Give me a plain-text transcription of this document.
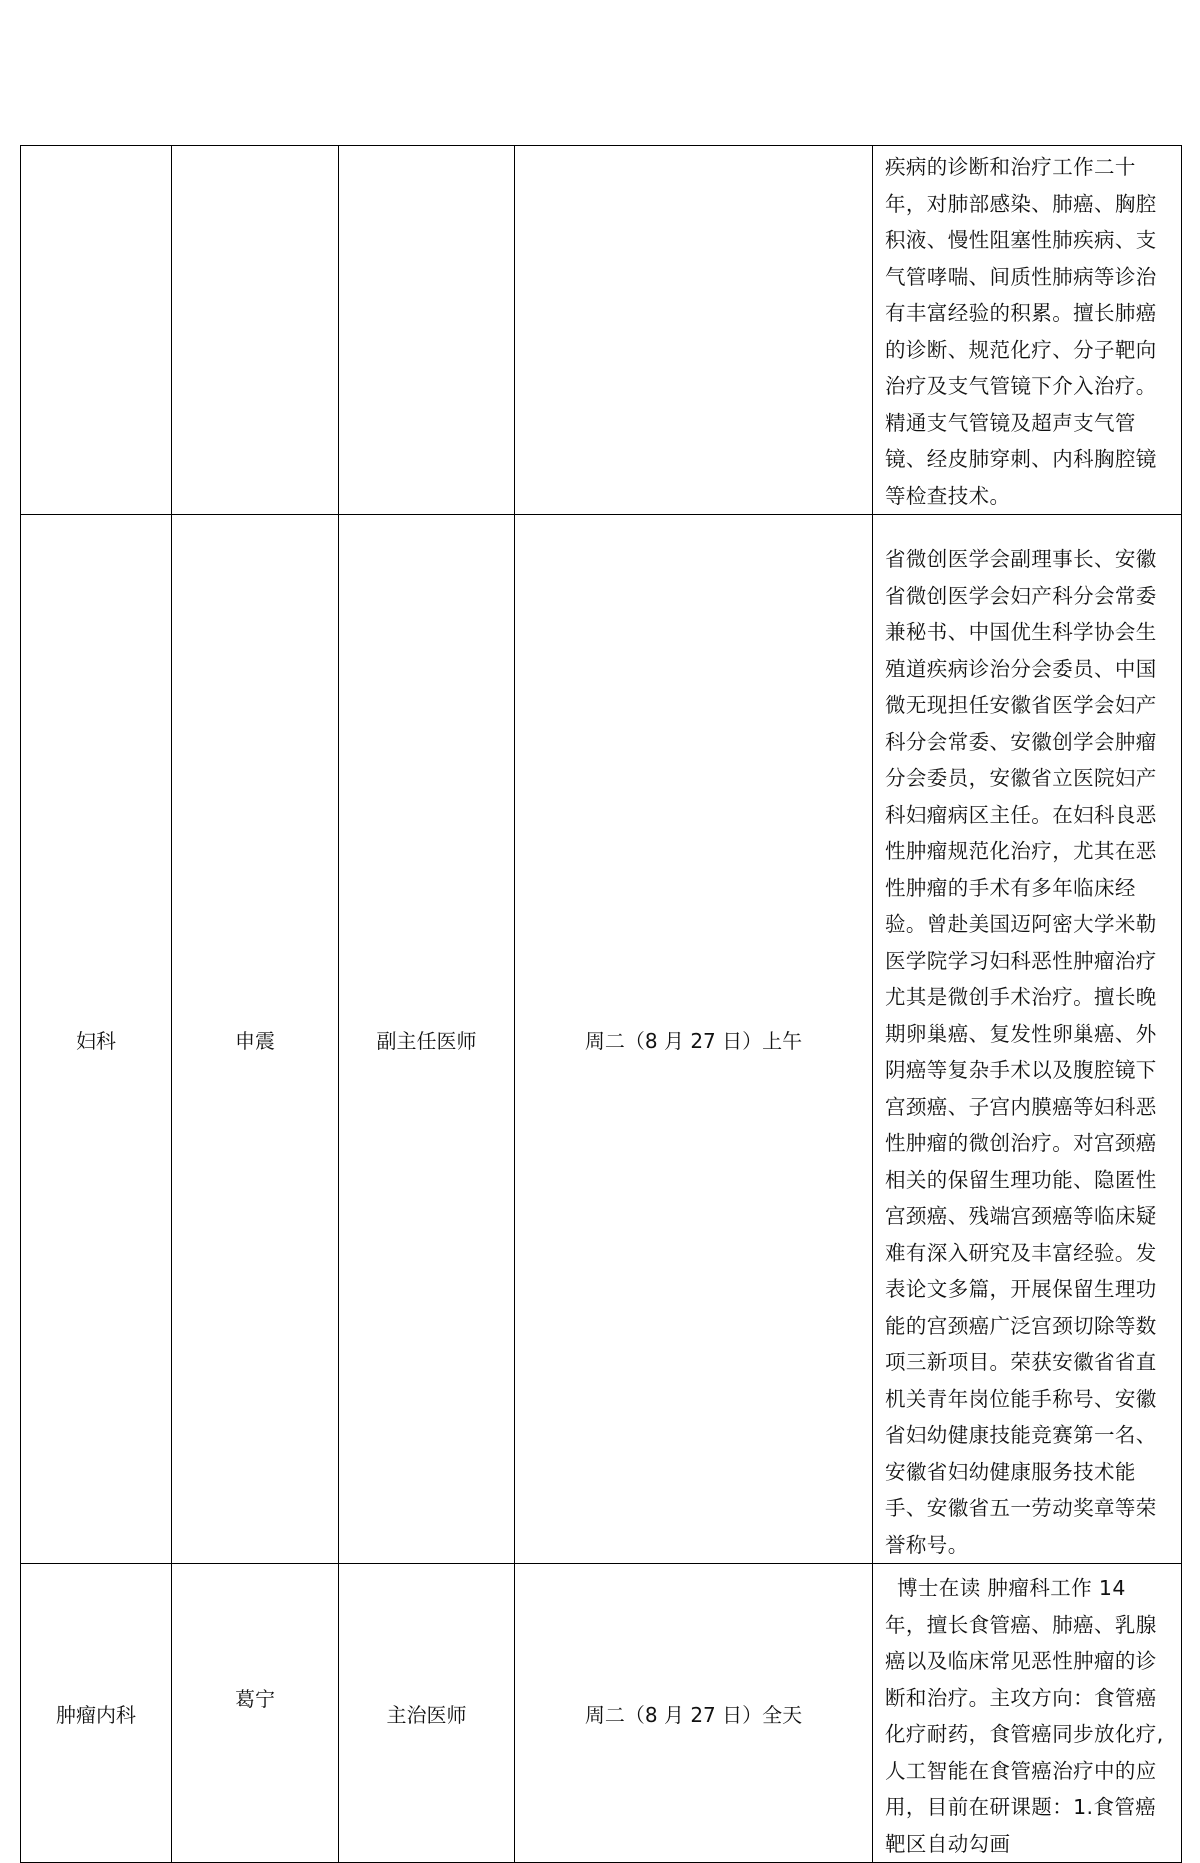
				疾病的诊断和治疗工作二十年，对肺部感染、肺癌、胸腔积液、慢性阻塞性肺疾病、支气管哮喘、间质性肺病等诊治有丰富经验的积累。擅长肺癌的诊断、规范化疗、分子靶向治疗及支气管镜下介入治疗。精通支气管镜及超声支气管镜、经皮肺穿刺、内科胸腔镜等检查技术。

妇科	申震	副主任医师	周二（8 月 27 日）上午	省微创医学会副理事长、安徽省微创医学会妇产科分会常委兼秘书、中国优生科学协会生殖道疾病诊治分会委员、中国微无现担任安徽省医学会妇产科分会常委、安徽创学会肿瘤分会委员，安徽省立医院妇产科妇瘤病区主任。在妇科良恶性肿瘤规范化治疗，尤其在恶性肿瘤的手术有多年临床经验。曾赴美国迈阿密大学米勒医学院学习妇科恶性肿瘤治疗尤其是微创手术治疗。擅长晚期卵巢癌、复发性卵巢癌、外阴癌等复杂手术以及腹腔镜下宫颈癌、子宫内膜癌等妇科恶性肿瘤的微创治疗。对宫颈癌相关的保留生理功能、隐匿性宫颈癌、残端宫颈癌等临床疑难有深入研究及丰富经验。发表论文多篇，开展保留生理功能的宫颈癌广泛宫颈切除等数项三新项目。荣获安徽省省直机关青年岗位能手称号、安徽省妇幼健康技能竞赛第一名、安徽省妇幼健康服务技术能手、安徽省五一劳动奖章等荣誉称号。

肿瘤内科	葛宁	主治医师	周二（8 月 27 日）全天	博士在读 肿瘤科工作 14 年，擅长食管癌、肺癌、乳腺癌以及临床常见恶性肿瘤的诊断和治疗。主攻方向：食管癌化疗耐药，食管癌同步放化疗,人工智能在食管癌治疗中的应用，目前在研课题：1.食管癌靶区自动勾画
